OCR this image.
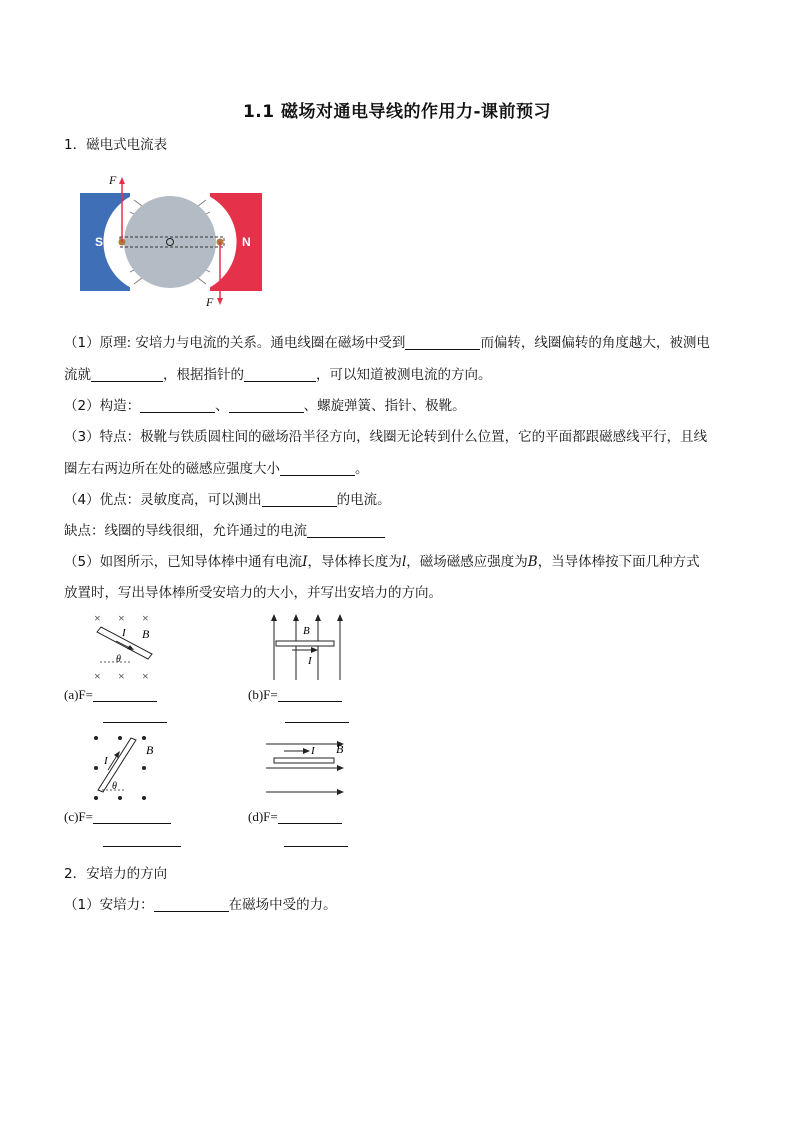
1.1 磁场对通电导线的作用力-课前预习
1．磁电式电流表
S	N
F
F
（1）原理: 安培力与电流的关系。通电线圈在磁场中受到	而偏转，线圈偏转的角度越大，被测电
流就	，根据指针的	，可以知道被测电流的方向。
（2）构造：	、	、螺旋弹簧、指针、极靴。
（3）特点：极靴与铁质圆柱间的磁场沿半径方向，线圈无论转到什么位置，它的平面都跟磁感线平行，且线
圈左右两边所在处的磁感应强度大小	。
（4）优点：灵敏度高，可以测出	的电流。
缺点：线圈的导线很细，允许通过的电流
（5）如图所示，已知导体棒中通有电流I，导体棒长度为l，磁场磁感应强度为B，当导体棒按下面几种方式
放置时，写出导体棒所受安培力的大小，并写出安培力的方向。
× × ×
× × ×
I B
θ
(a)F=
B
I
(b)F=
I
B
θ
(c)F=
I B
(d)F=
2．安培力的方向
（1）安培力：	在磁场中受的力。
